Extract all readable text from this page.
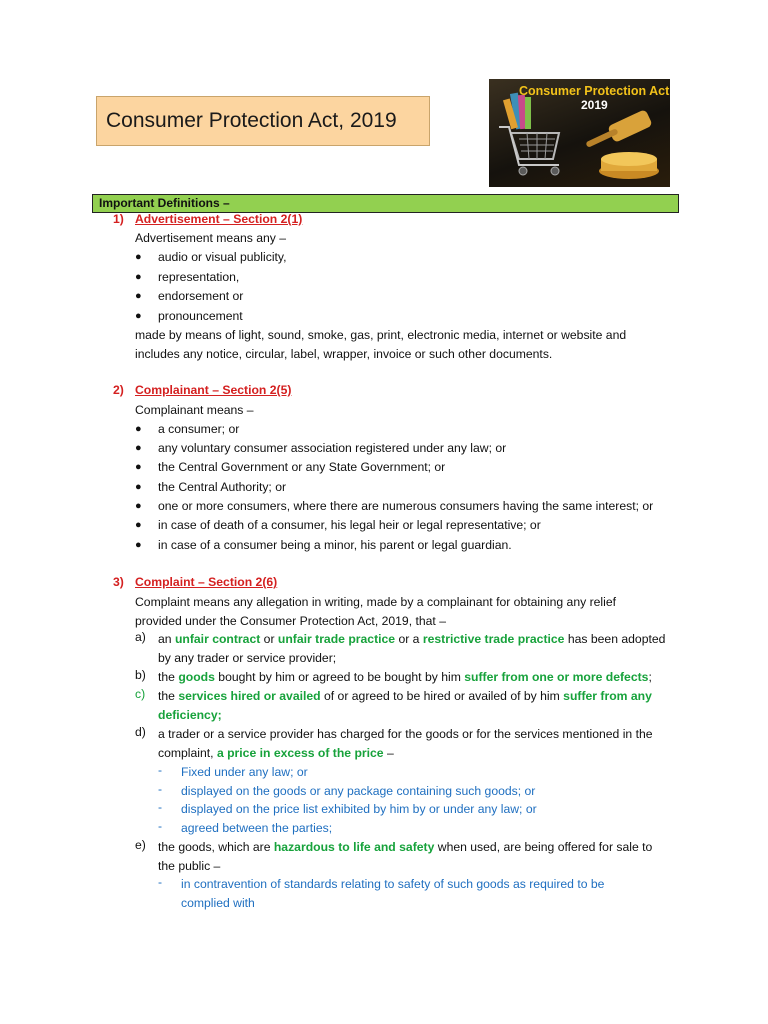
Consumer Protection Act, 2019
Consumer Protection Act
2019
Important Definitions –
1) Advertisement – Section 2(1)
Advertisement means any –
● audio or visual publicity,
● representation,
● endorsement or
● pronouncement
made by means of light, sound, smoke, gas, print, electronic media, internet or website and
includes any notice, circular, label, wrapper, invoice or such other documents.
2) Complainant – Section 2(5)
Complainant means –
● a consumer; or
● any voluntary consumer association registered under any law; or
● the Central Government or any State Government; or
● the Central Authority; or
● one or more consumers, where there are numerous consumers having the same interest; or
● in case of death of a consumer, his legal heir or legal representative; or
● in case of a consumer being a minor, his parent or legal guardian.
3) Complaint – Section 2(6)
Complaint means any allegation in writing, made by a complainant for obtaining any relief
provided under the Consumer Protection Act, 2019, that –
a) an unfair contract or unfair trade practice or a restrictive trade practice has been adopted
by any trader or service provider;
b) the goods bought by him or agreed to be bought by him suffer from one or more defects;
c) the services hired or availed of or agreed to be hired or availed of by him suffer from any
deficiency;
d) a trader or a service provider has charged for the goods or for the services mentioned in the
complaint, a price in excess of the price –
- Fixed under any law; or
- displayed on the goods or any package containing such goods; or
- displayed on the price list exhibited by him by or under any law; or
- agreed between the parties;
e) the goods, which are hazardous to life and safety when used, are being offered for sale to
the public –
- in contravention of standards relating to safety of such goods as required to be
complied with
